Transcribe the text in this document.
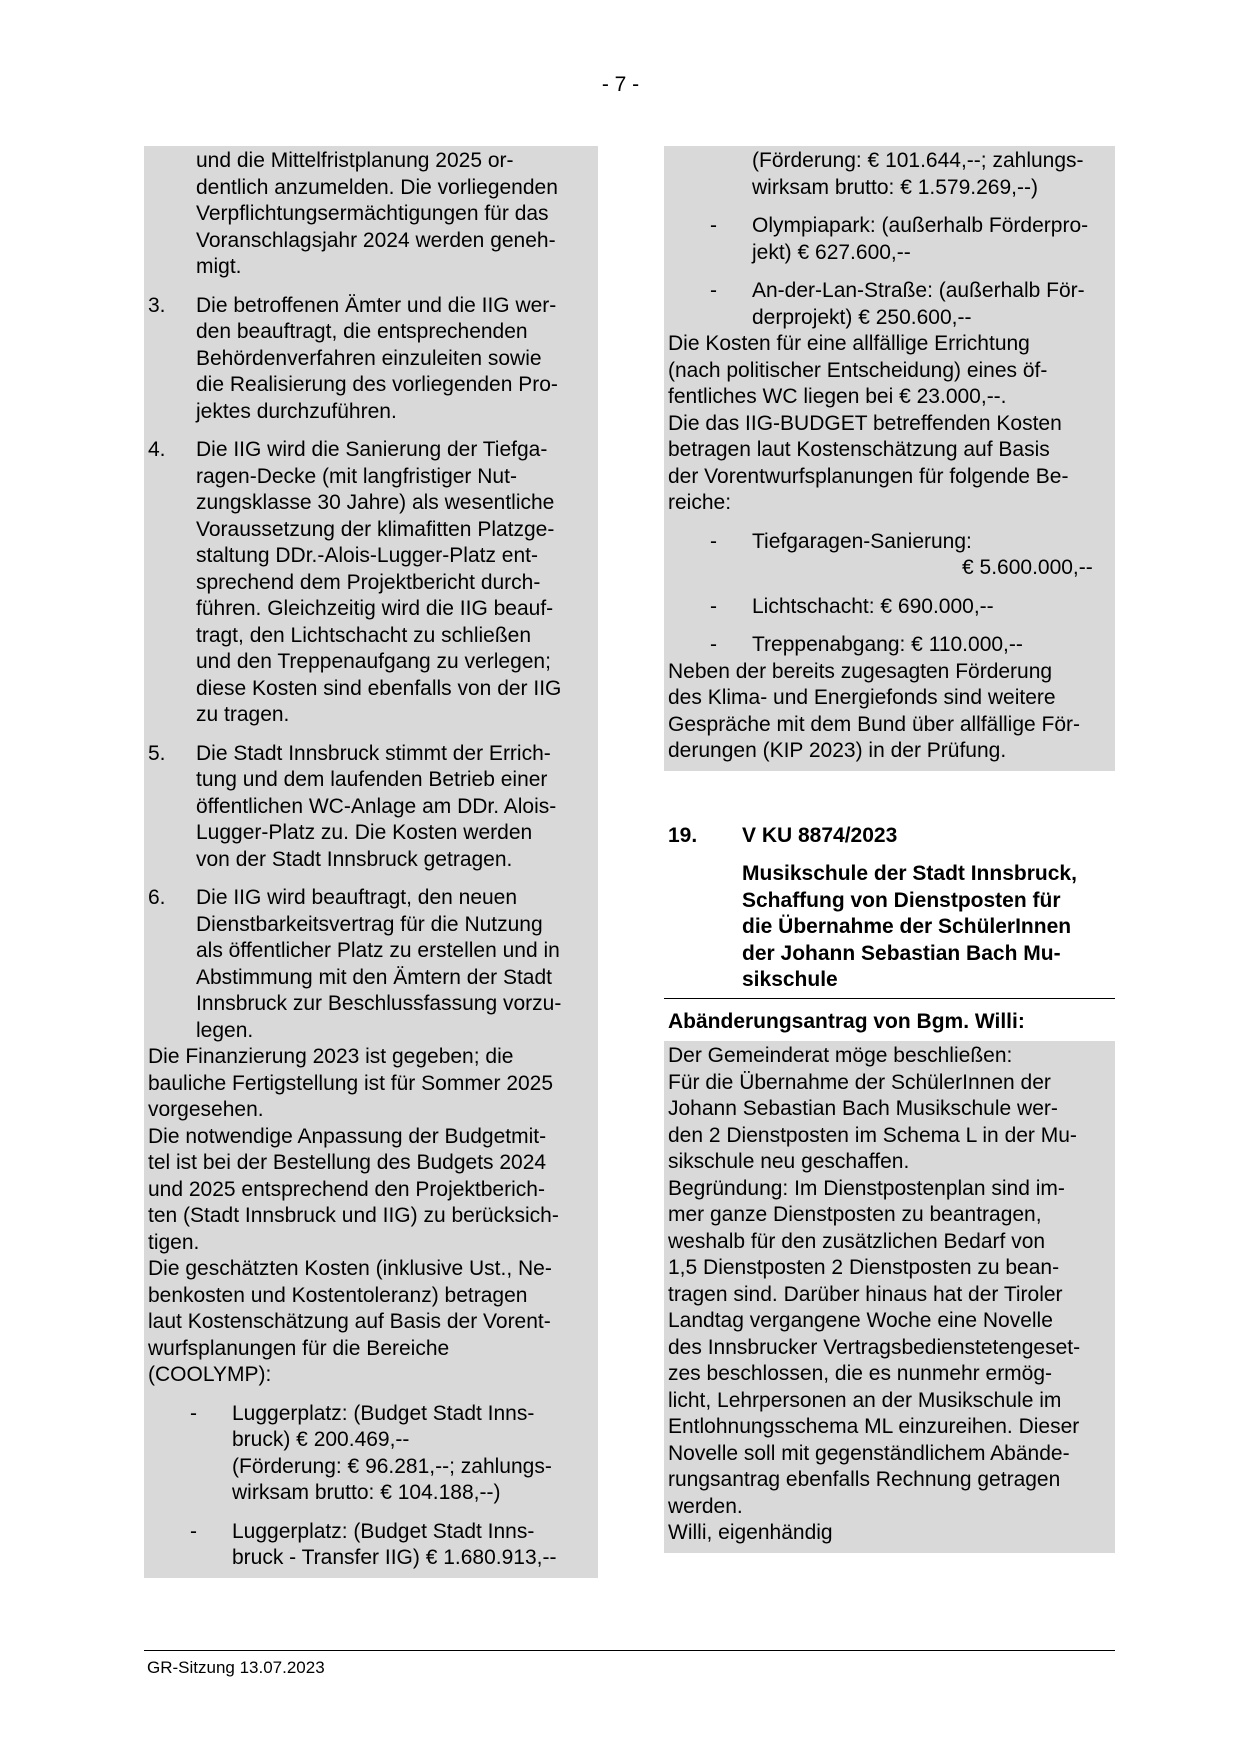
- 7 -
und die Mittelfristplanung 2025 or-
dentlich anzumelden. Die vorliegenden
Verpflichtungsermächtigungen für das
Voranschlagsjahr 2024 werden geneh-
migt.
3.	Die betroffenen Ämter und die IIG wer-
den beauftragt, die entsprechenden
Behördenverfahren einzuleiten sowie
die Realisierung des vorliegenden Pro-
jektes durchzuführen.
4.	Die IIG wird die Sanierung der Tiefga-
ragen-Decke (mit langfristiger Nut-
zungsklasse 30 Jahre) als wesentliche
Voraussetzung der klimafitten Platzge-
staltung DDr.-Alois-Lugger-Platz ent-
sprechend dem Projektbericht durch-
führen. Gleichzeitig wird die IIG beauf-
tragt, den Lichtschacht zu schließen
und den Treppenaufgang zu verlegen;
diese Kosten sind ebenfalls von der IIG
zu tragen.
5.	Die Stadt Innsbruck stimmt der Errich-
tung und dem laufenden Betrieb einer
öffentlichen WC-Anlage am DDr. Alois-
Lugger-Platz zu. Die Kosten werden
von der Stadt Innsbruck getragen.
6.	Die IIG wird beauftragt, den neuen
Dienstbarkeitsvertrag für die Nutzung
als öffentlicher Platz zu erstellen und in
Abstimmung mit den Ämtern der Stadt
Innsbruck zur Beschlussfassung vorzu-
legen.

Die Finanzierung 2023 ist gegeben; die
bauliche Fertigstellung ist für Sommer 2025
vorgesehen.

Die notwendige Anpassung der Budgetmit-
tel ist bei der Bestellung des Budgets 2024
und 2025 entsprechend den Projektberich-
ten (Stadt Innsbruck und IIG) zu berücksich-
tigen.

Die geschätzten Kosten (inklusive Ust., Ne-
benkosten und Kostentoleranz) betragen
laut Kostenschätzung auf Basis der Vorent-
wurfsplanungen für die Bereiche
(COOLYMP):

-	Luggerplatz: (Budget Stadt Inns-
bruck) € 200.469,--
(Förderung: € 96.281,--; zahlungs-
wirksam brutto: € 104.188,--)
-	Luggerplatz: (Budget Stadt Inns-
bruck - Transfer IIG) € 1.680.913,--
(Förderung: € 101.644,--; zahlungs-
wirksam brutto: € 1.579.269,--)
-	Olympiapark: (außerhalb Förderpro-
jekt) € 627.600,--
-	An-der-Lan-Straße: (außerhalb För-
derprojekt) € 250.600,--

Die Kosten für eine allfällige Errichtung
(nach politischer Entscheidung) eines öf-
fentliches WC liegen bei € 23.000,--.

Die das IIG-BUDGET betreffenden Kosten
betragen laut Kostenschätzung auf Basis
der Vorentwurfsplanungen für folgende Be-
reiche:

-	Tiefgaragen-Sanierung:
€ 5.600.000,--
-	Lichtschacht: € 690.000,--
-	Treppenabgang: € 110.000,--

Neben der bereits zugesagten Förderung
des Klima- und Energiefonds sind weitere
Gespräche mit dem Bund über allfällige För-
derungen (KIP 2023) in der Prüfung.

19.	V KU 8874/2023
Musikschule der Stadt Innsbruck,
Schaffung von Dienstposten für
die Übernahme der SchülerInnen
der Johann Sebastian Bach Mu-
sikschule
Abänderungsantrag von Bgm. Willi:

Der Gemeinderat möge beschließen:

Für die Übernahme der SchülerInnen der
Johann Sebastian Bach Musikschule wer-
den 2 Dienstposten im Schema L in der Mu-
sikschule neu geschaffen.

Begründung: Im Dienstpostenplan sind im-
mer ganze Dienstposten zu beantragen,
weshalb für den zusätzlichen Bedarf von
1,5 Dienstposten 2 Dienstposten zu bean-
tragen sind. Darüber hinaus hat der Tiroler
Landtag vergangene Woche eine Novelle
des Innsbrucker Vertragsbedienstetengeset-
zes beschlossen, die es nunmehr ermög-
licht, Lehrpersonen an der Musikschule im
Entlohnungsschema ML einzureihen. Dieser
Novelle soll mit gegenständlichem Abände-
rungsantrag ebenfalls Rechnung getragen
werden.

Willi, eigenhändig

GR-Sitzung 13.07.2023
